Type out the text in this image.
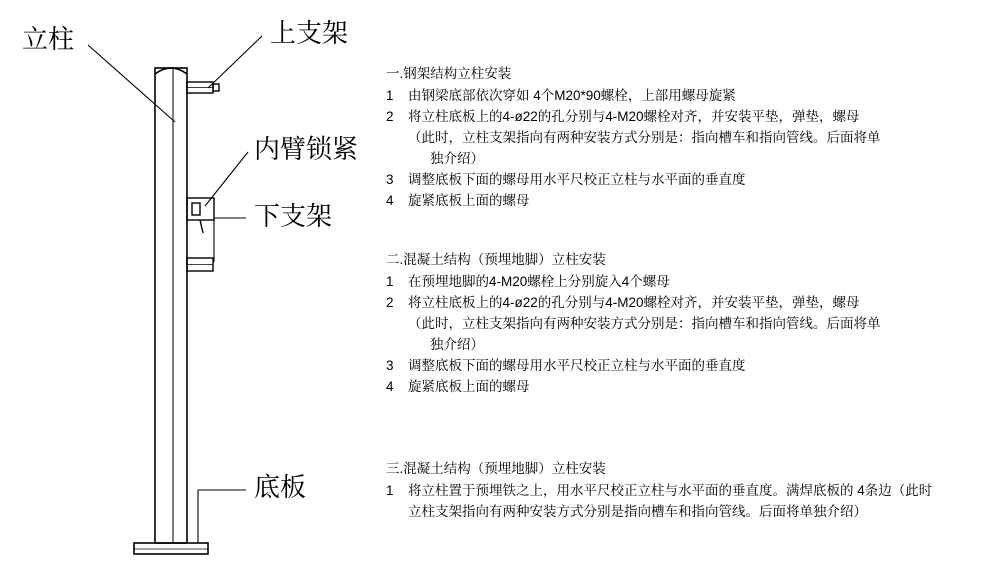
立柱	上支架
内臂锁紧
下支架
底板
一.钢架结构立柱安装
1 由钢梁底部依次穿如 4个M20*90螺栓，上部用螺母旋紧
2 将立柱底板上的4-ø22的孔分别与4-M20螺栓对齐，并安装平垫，弹垫，螺母
（此时，立柱支架指向有两种安装方式分别是：指向槽车和指向管线。后面将单
独介绍）
3 调整底板下面的螺母用水平尺校正立柱与水平面的垂直度
4 旋紧底板上面的螺母
二.混凝土结构（预埋地脚）立柱安装
1 在预埋地脚的4-M20螺栓上分别旋入4个螺母
2 将立柱底板上的4-ø22的孔分别与4-M20螺栓对齐，并安装平垫，弹垫，螺母
（此时，立柱支架指向有两种安装方式分别是：指向槽车和指向管线。后面将单
独介绍）
3 调整底板下面的螺母用水平尺校正立柱与水平面的垂直度
4 旋紧底板上面的螺母
三.混凝土结构（预埋地脚）立柱安装
1 将立柱置于预埋铁之上，用水平尺校正立柱与水平面的垂直度。满焊底板的 4条边（此时
立柱支架指向有两种安装方式分别是指向槽车和指向管线。后面将单独介绍）
